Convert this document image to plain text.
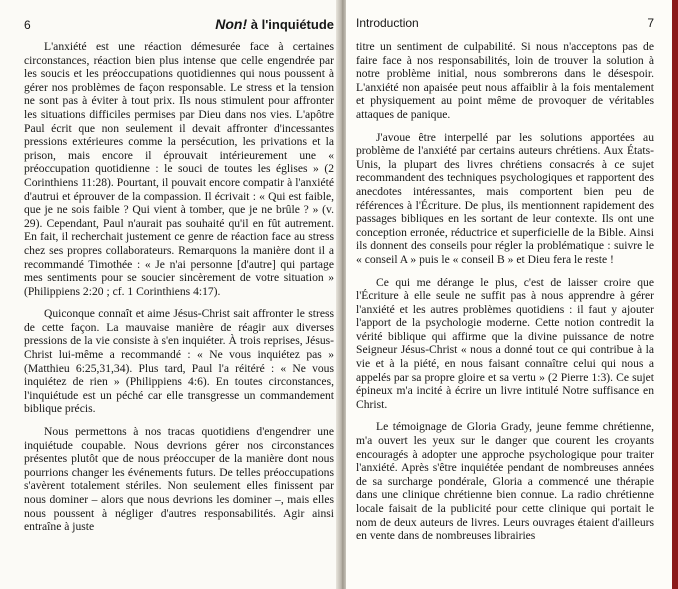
6	Non! à l'inquiétude

L'anxiété est une réaction démesurée face à certaines circonstances, réaction bien plus intense que celle engendrée par les soucis et les préoccupations quotidiennes qui nous poussent à gérer nos problèmes de façon responsable. Le stress et la tension ne sont pas à éviter à tout prix. Ils nous stimulent pour affronter les situations difficiles permises par Dieu dans nos vies. L'apôtre Paul écrit que non seulement il devait affronter d'incessantes pressions extérieures comme la persécution, les privations et la prison, mais encore il éprouvait intérieurement une « préoccupation quotidienne : le souci de toutes les églises » (2 Corinthiens 11:28). Pourtant, il pouvait encore compatir à l'anxiété d'autrui et éprouver de la compassion. Il écrivait : « Qui est faible, que je ne sois faible ? Qui vient à tomber, que je ne brûle ? » (v. 29). Cependant, Paul n'aurait pas souhaité qu'il en fût autrement. En fait, il recherchait justement ce genre de réaction face au stress chez ses propres collaborateurs. Remarquons la manière dont il a recommandé Timothée : « Je n'ai personne [d'autre] qui partage mes sentiments pour se soucier sincèrement de votre situation » (Philippiens 2:20 ; cf. 1 Corinthiens 4:17).

Quiconque connaît et aime Jésus-Christ sait affronter le stress de cette façon. La mauvaise manière de réagir aux diverses pressions de la vie consiste à s'en inquiéter. À trois reprises, Jésus-Christ lui-même a recommandé : « Ne vous inquiétez pas » (Matthieu 6:25,31,34). Plus tard, Paul l'a réitéré : « Ne vous inquiétez de rien » (Philippiens 4:6). En toutes circonstances, l'inquiétude est un péché car elle transgresse un commandement biblique précis.

Nous permettons à nos tracas quotidiens d'engendrer une inquiétude coupable. Nous devrions gérer nos circonstances présentes plutôt que de nous préoccuper de la manière dont nous pourrions changer les événements futurs. De telles préoccupations s'avèrent totalement stériles. Non seulement elles finissent par nous dominer – alors que nous devrions les dominer –, mais elles nous poussent à négliger d'autres responsabilités. Agir ainsi entraîne à juste

Introduction	7

titre un sentiment de culpabilité. Si nous n'acceptons pas de faire face à nos responsabilités, loin de trouver la solution à notre problème initial, nous sombrerons dans le désespoir. L'anxiété non apaisée peut nous affaiblir à la fois mentalement et physiquement au point même de provoquer de véritables attaques de panique.

J'avoue être interpellé par les solutions apportées au problème de l'anxiété par certains auteurs chrétiens. Aux États-Unis, la plupart des livres chrétiens consacrés à ce sujet recommandent des techniques psychologiques et rapportent des anecdotes intéressantes, mais comportent bien peu de références à l'Écriture. De plus, ils mentionnent rapidement des passages bibliques en les sortant de leur contexte. Ils ont une conception erronée, réductrice et superficielle de la Bible. Ainsi ils donnent des conseils pour régler la problématique : suivre le « conseil A » puis le « conseil B » et Dieu fera le reste !

Ce qui me dérange le plus, c'est de laisser croire que l'Écriture à elle seule ne suffit pas à nous apprendre à gérer l'anxiété et les autres problèmes quotidiens : il faut y ajouter l'apport de la psychologie moderne. Cette notion contredit la vérité biblique qui affirme que la divine puissance de notre Seigneur Jésus-Christ « nous a donné tout ce qui contribue à la vie et à la piété, en nous faisant connaître celui qui nous a appelés par sa propre gloire et sa vertu » (2 Pierre 1:3). Ce sujet épineux m'a incité à écrire un livre intitulé Notre suffisance en Christ.

Le témoignage de Gloria Grady, jeune femme chrétienne, m'a ouvert les yeux sur le danger que courent les croyants encouragés à adopter une approche psychologique pour traiter l'anxiété. Après s'être inquiétée pendant de nombreuses années de sa surcharge pondérale, Gloria a commencé une thérapie dans une clinique chrétienne bien connue. La radio chrétienne locale faisait de la publicité pour cette clinique qui portait le nom de deux auteurs de livres. Leurs ouvrages étaient d'ailleurs en vente dans de nombreuses librairies
